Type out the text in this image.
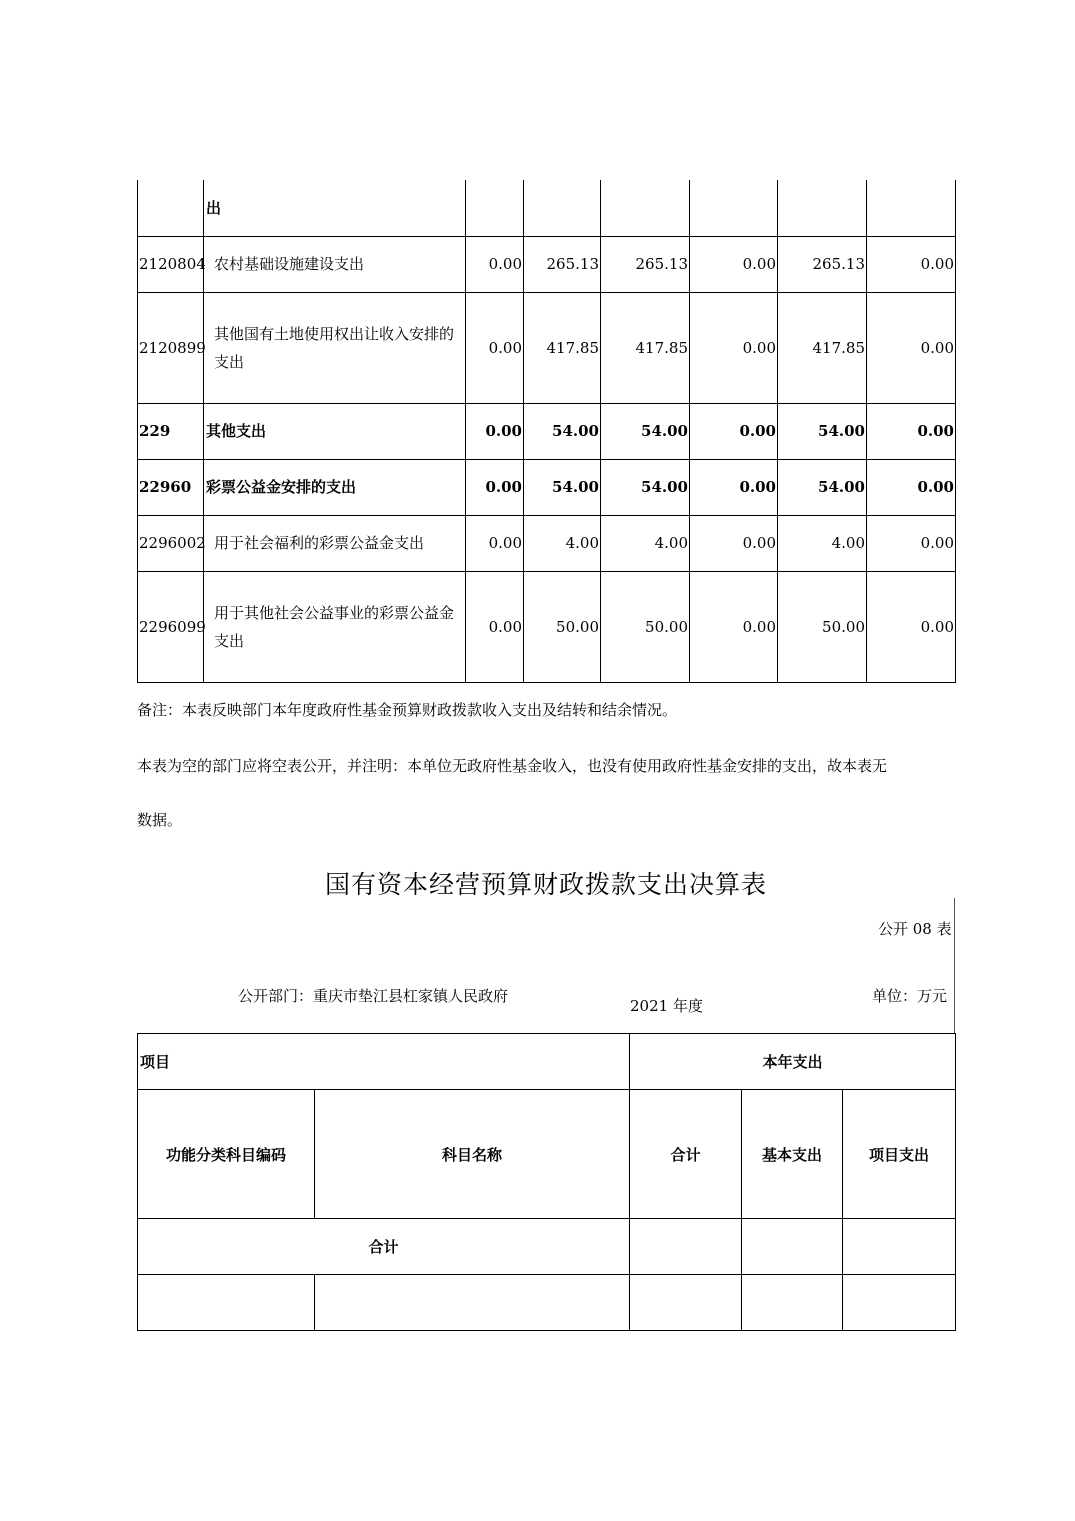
	出						
2120804	农村基础设施建设支出	0.00	265.13	265.13	0.00	265.13	0.00
2120899	其他国有土地使用权出让收入安排的支出	0.00	417.85	417.85	0.00	417.85	0.00
229	其他支出	0.00	54.00	54.00	0.00	54.00	0.00
22960	彩票公益金安排的支出	0.00	54.00	54.00	0.00	54.00	0.00
2296002	用于社会福利的彩票公益金支出	0.00	4.00	4.00	0.00	4.00	0.00
2296099	用于其他社会公益事业的彩票公益金支出	0.00	50.00	50.00	0.00	50.00	0.00
备注：本表反映部门本年度政府性基金预算财政拨款收入支出及结转和结余情况。
本表为空的部门应将空表公开，并注明：本单位无政府性基金收入，也没有使用政府性基金安排的支出，故本表无
数据。
国有资本经营预算财政拨款支出决算表
公开 08 表
公开部门：重庆市垫江县杠家镇人民政府
2021 年度
单位：万元
项目		本年支出		
功能分类科目编码	科目名称	合计	基本支出	项目支出
合计				
